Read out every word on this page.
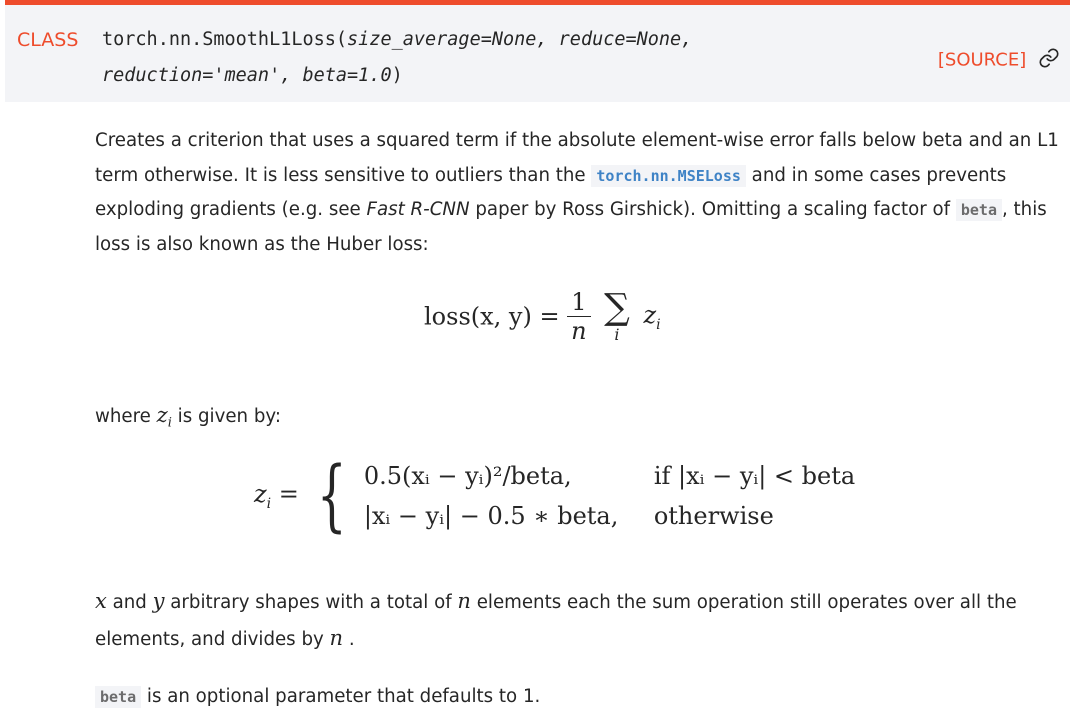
CLASS torch.nn.SmoothL1Loss(size_average=None, reduce=None,
reduction='mean', beta=1.0)
[SOURCE]
Creates a criterion that uses a squared term if the absolute element-wise error falls below beta and an L1 term otherwise. It is less sensitive to outliers than the torch.nn.MSELoss and in some cases prevents exploding gradients (e.g. see Fast R-CNN paper by Ross Girshick). Omitting a scaling factor of beta , this loss is also known as the Huber loss:
loss(x, $y) = \frac{1}{n}$
∑
i
$z_i$
where $z_i$ is given by:
$z_i$ = { 0.5(xᵢ − yᵢ)²/beta,	if |xᵢ − yᵢ| < beta
|xᵢ − yᵢ| − 0.5 ∗ beta, otherwise
x and y arbitrary shapes with a total of n elements each the sum operation still operates over all the elements, and divides by n .
beta is an optional parameter that defaults to 1.
